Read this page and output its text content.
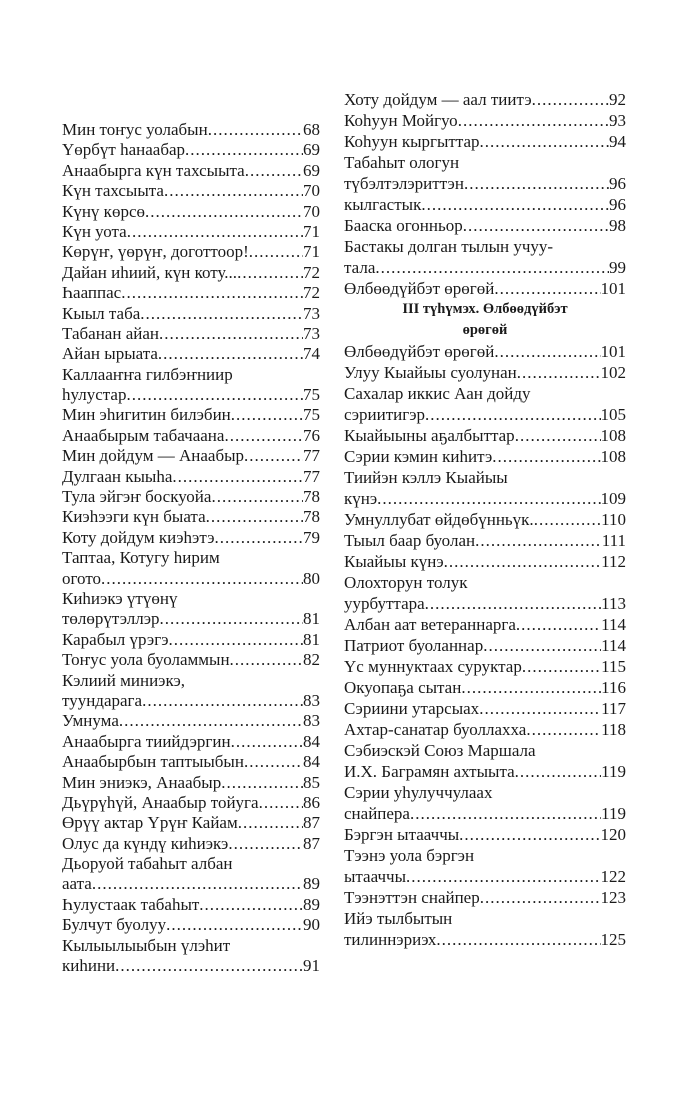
Мин тоҥус уолабын .....	68
Үөрбүт һанаабар .....	69
Анаабырга күн тахсыыта .....	69
Күн тахсыыта .....	70
Күнү көрсө .....	70
Күн уота .....	71
Көрүҥ, үөрүҥ, доготтоор! .....	71
Дайан иһиий, күн коту... .....	72
Һааппас .....	72
Кыыл таба .....	73
Табанан айан .....	73
Айан ырыата .....	74
Каллааҥҥа гилбэҥниир
һулустар .....	75
Мин эһигитин билэбин .....	75
Анаабырым табачаана .....	76
Мин дойдум — Анаабыр .....	77
Дулгаан кыыһа .....	77
Тула эйгэҥ боскуойа .....	78
Киэһээги күн быата .....	78
Коту дойдум киэһэтэ .....	79
Таптаа, Котугу һирим
огото .....	80
Киһиэкэ үтүөнү
төлөрүтэллэр .....	81
Карабыл үрэгэ .....	81
Тоҥус уола буоламмын .....	82
Кэлиий миниэкэ,
туундарага .....	83
Умнума .....	83
Анаабырга тиийдэргин .....	84
Анаабырбын таптыыбын .....	84
Мин эниэкэ, Анаабыр .....	85
Дьүрүһүй, Анаабыр тойуга .....	86
Өрүү актар Үрүҥ Кайам .....	87
Олус да күндү киһиэкэ .....	87
Дьоруой табаһыт албан
аата .....	89
Һулустаак табаһыт .....	89
Булчут буолуу .....	90
Кылыылыыбын үлэһит
киһини .....	91
Хоту дойдум — аал тиитэ .....	92
Коһуун Мойгуо .....	93
Коһуун кыргыттар .....	94
Табаһыт ологун
түбэлтэлэриттэн .....	96
кылгастык .....	96
Бааска огонньор .....	98
Бастакы долган тылын учуу-
тала .....	99
Өлбөөдүйбэт өрөгөй .....	101
III түһүмэх. Өлбөөдүйбэт
өрөгөй
Өлбөөдүйбэт өрөгөй .....	101
Улуу Кыайыы суолунан .....	102
Сахалар иккис Аан дойду
сэриитигэр .....	105
Кыайыыны аҕалбыттар .....	108
Сэрии кэмин киһитэ .....	108
Тиийэн кэллэ Кыайыы
күнэ .....	109
Умнуллубат өйдөбүнньүк. .....	110
Тыыл баар буолан .....	111
Кыайыы күнэ .....	112
Олохторун толук
уурбуттара .....	113
Албан аат ветераннарга .....	114
Патриот буоланнар .....	114
Үс муннуктаах суруктар .....	115
Окуопаҕа сытан .....	116
Сэриини утарсыах .....	117
Ахтар-санатар буоллахха .....	118
Сэбиэскэй Союз Маршала
И.Х. Баграмян ахтыыта .....	119
Сэрии уһулуччулаах
снайпера .....	119
Бэргэн ытааччы .....	120
Тээнэ уола бэргэн
ытааччы .....	122
Тээнэттэн снайпер .....	123
Ийэ тылбытын
тилиннэриэх .....	125
